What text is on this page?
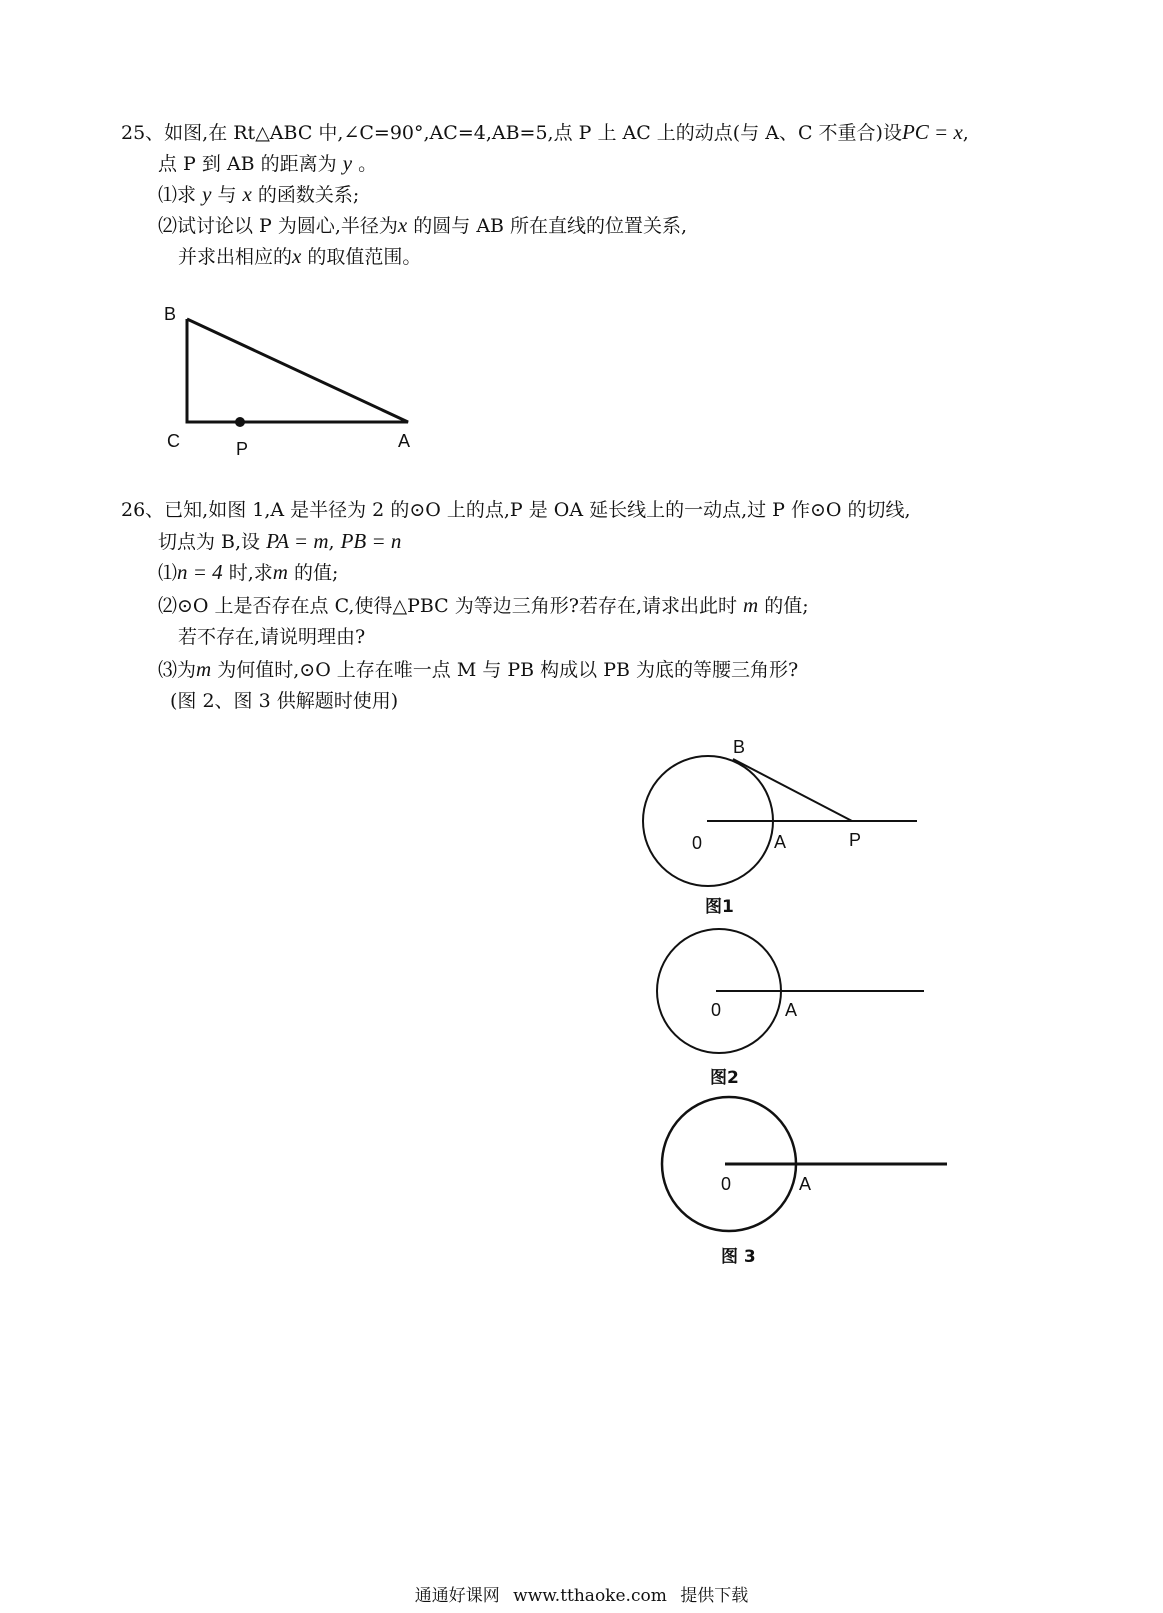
25、如图,在 Rt△ABC 中,∠C=90°,AC=4,AB=5,点 P 上 AC 上的动点(与 A、C 不重合)设PC = x,
点 P 到 AB 的距离为 y 。
⑴求 y 与 x 的函数关系;
⑵试讨论以 P 为圆心,半径为x 的圆与 AB 所在直线的位置关系,
并求出相应的x 的取值范围。
B
C	P	A
26、已知,如图 1,A 是半径为 2 的⊙O 上的点,P 是 OA 延长线上的一动点,过 P 作⊙O 的切线,
切点为 B,设 PA = m, PB = n
⑴n = 4 时,求m 的值;
⑵⊙O 上是否存在点 C,使得△PBC 为等边三角形?若存在,请求出此时 m 的值;
若不存在,请说明理由?
⑶为m 为何值时,⊙O 上存在唯一点 M 与 PB 构成以 PB 为底的等腰三角形?
(图 2、图 3 供解题时使用)
B
0	A	P
图1
0	A
图2
0	A
图 3
通通好课网 www.tthaoke.com 提供下载
